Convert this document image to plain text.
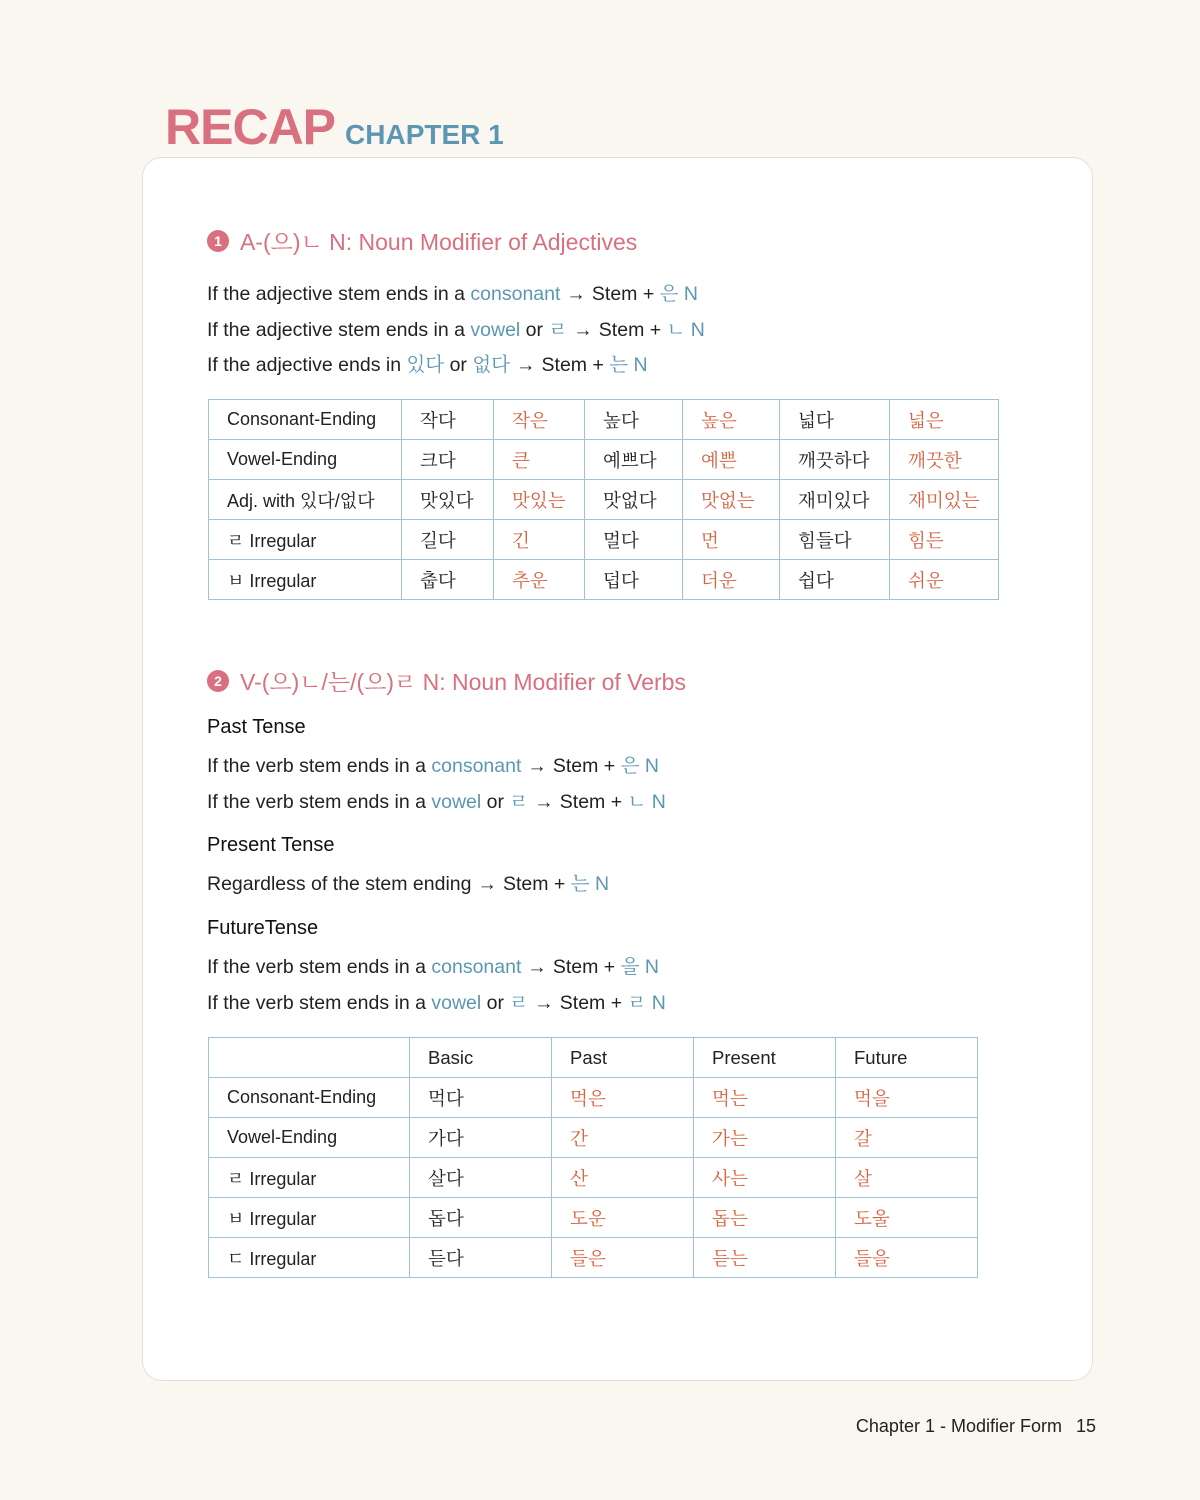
RECAP CHAPTER 1
1 A-(으)ㄴ N: Noun Modifier of Adjectives
If the adjective stem ends in a consonant → Stem + 은 N
If the adjective stem ends in a vowel or ㄹ → Stem + ㄴ N
If the adjective ends in 있다 or 없다 → Stem + 는 N
Consonant-Ending	작다	작은	높다	높은	넓다	넓은
Vowel-Ending	크다	큰	예쁘다	예쁜	깨끗하다	깨끗한
Adj. with 있다/없다	맛있다	맛있는	맛없다	맛없는	재미있다	재미있는
ㄹ Irregular	길다	긴	멀다	먼	힘들다	힘든
ㅂ Irregular	춥다	추운	덥다	더운	쉽다	쉬운
2 V-(으)ㄴ/는/(으)ㄹ N: Noun Modifier of Verbs
Past Tense
If the verb stem ends in a consonant → Stem + 은 N
If the verb stem ends in a vowel or ㄹ → Stem + ㄴ N
Present Tense
Regardless of the stem ending → Stem + 는 N
FutureTense
If the verb stem ends in a consonant → Stem + 을 N
If the verb stem ends in a vowel or ㄹ → Stem + ㄹ N
	Basic	Past	Present	Future
Consonant-Ending	먹다	먹은	먹는	먹을
Vowel-Ending	가다	간	가는	갈
ㄹ Irregular	살다	산	사는	살
ㅂ Irregular	돕다	도운	돕는	도울
ㄷ Irregular	듣다	들은	듣는	들을
Chapter 1 - Modifier Form 15
